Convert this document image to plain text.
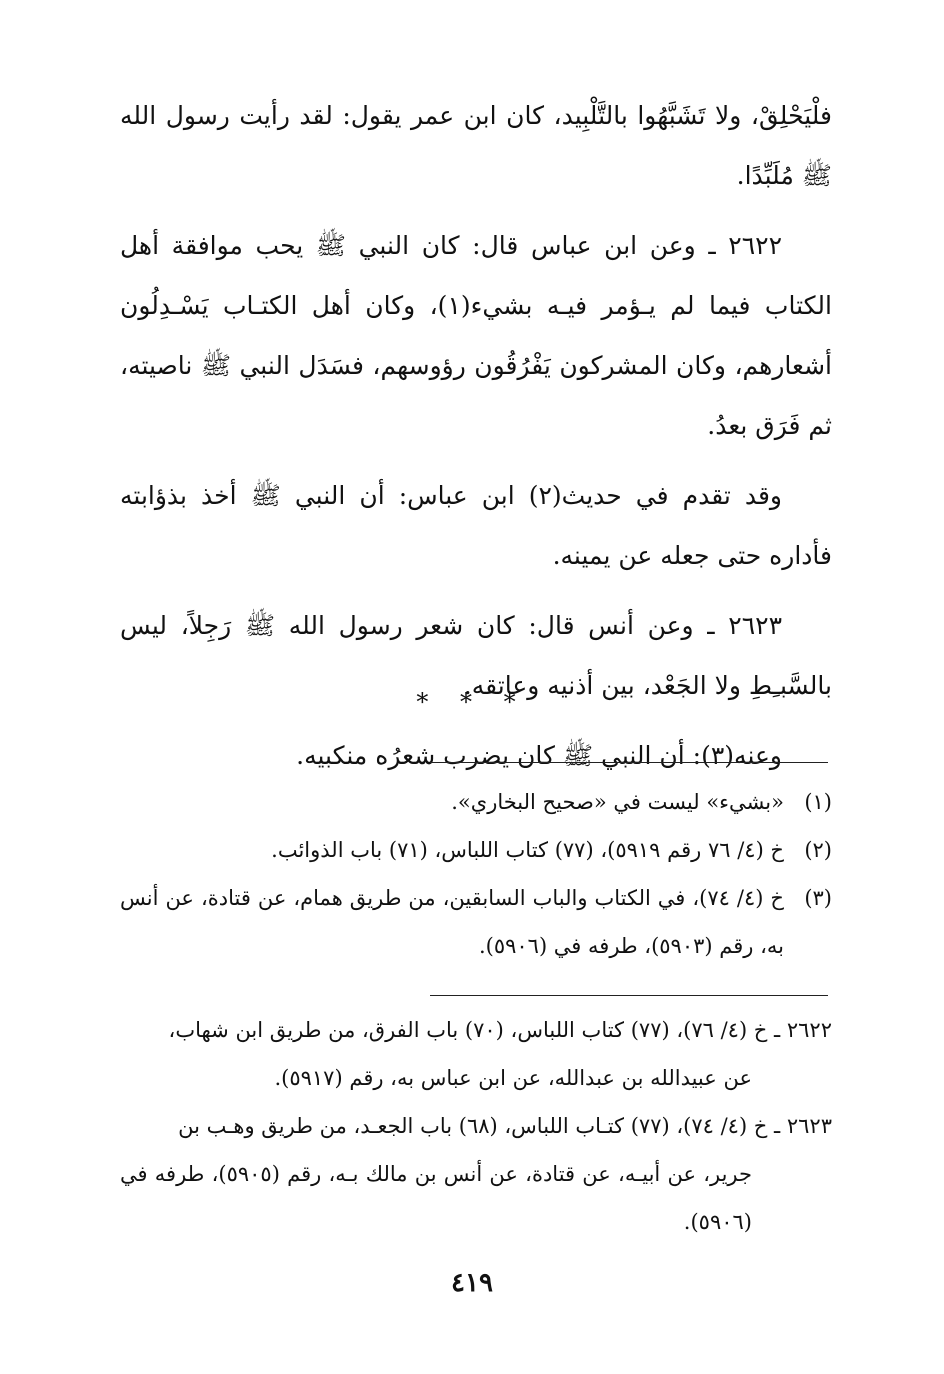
فلْيَحْلِقْ، ولا تَشَبَّهُوا بالتَّلْبِيد، كان ابن عمر يقول: لقد رأيت رسول الله ﷺ مُلَبِّدًا.

٢٦٢٢ ـ وعن ابن عباس قال: كان النبي ﷺ يحب موافقة أهل الكتاب فيما لم يـؤمر فيـه بشيء(١)، وكان أهل الكتـاب يَسْـدِلُون أشعارهم، وكان المشركون يَفْرُقُون رؤوسهم، فسَدَل النبي ﷺ ناصيته، ثم فَرَق بعدُ.

وقد تقدم في حديث(٢) ابن عباس: أن النبي ﷺ أخذ بذؤابته فأداره حتى جعله عن يمينه.

٢٦٢٣ ـ وعن أنس قال: كان شعر رسول الله ﷺ رَجِلاً، ليس بالسَّبـِطِ ولا الجَعْد، بين أذنيه وعاتقه.

وعنه(٣): أن النبي ﷺ كان يضرب شعرُه منكبيه.

* * *

(١)
«بشيء» ليست في «صحيح البخاري».

(٢)
خ (٤/ ٧٦ رقم ٥٩١٩)، (٧٧) كتاب اللباس، (٧١) باب الذوائب.

(٣)
خ (٤/ ٧٤)، في الكتاب والباب السابقين، من طريق همام، عن قتادة، عن أنس به، رقم (٥٩٠٣)، طرفه في (٥٩٠٦).

٢٦٢٢ ـ خ (٤/ ٧٦)، (٧٧) كتاب اللباس، (٧٠) باب الفرق، من طريق ابن شهاب،
عن عبيدالله بن عبدالله، عن ابن عباس به، رقم (٥٩١٧).

٢٦٢٣ ـ خ (٤/ ٧٤)، (٧٧) كتـاب اللباس، (٦٨) باب الجعـد، من طريق وهـب بن
جرير، عن أبيـه، عن قتادة، عن أنس بن مالك بـه، رقم (٥٩٠٥)، طرفه في (٥٩٠٦).

٤١٩
